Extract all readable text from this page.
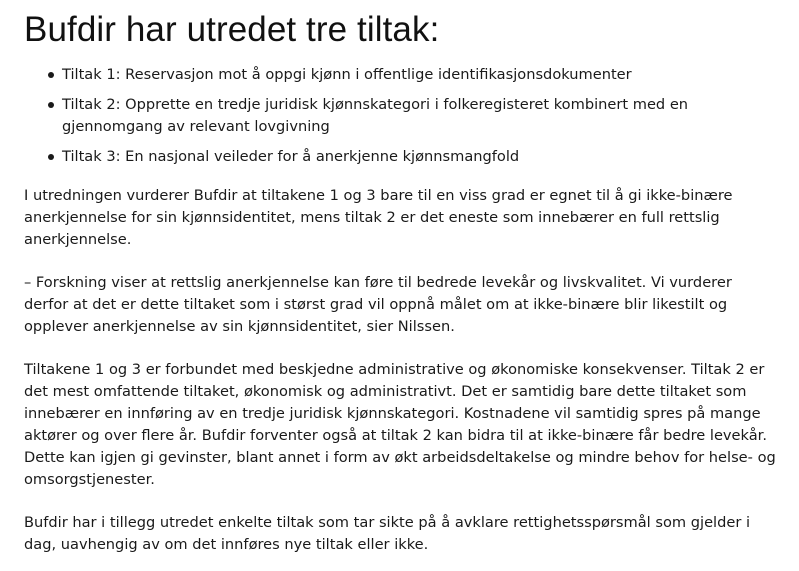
Bufdir har utredet tre tiltak:
Tiltak 1: Reservasjon mot å oppgi kjønn i offentlige identifikasjonsdokumenter
Tiltak 2: Opprette en tredje juridisk kjønnskategori i folkeregisteret kombinert med en gjennomgang av relevant lovgivning
Tiltak 3: En nasjonal veileder for å anerkjenne kjønnsmangfold

I utredningen vurderer Bufdir at tiltakene 1 og 3 bare til en viss grad er egnet til å gi ikke-binære anerkjennelse for sin kjønnsidentitet, mens tiltak 2 er det eneste som innebærer en full rettslig anerkjennelse.

– Forskning viser at rettslig anerkjennelse kan føre til bedrede levekår og livskvalitet. Vi vurderer derfor at det er dette tiltaket som i størst grad vil oppnå målet om at ikke-binære blir likestilt og opplever anerkjennelse av sin kjønnsidentitet, sier Nilssen.

Tiltakene 1 og 3 er forbundet med beskjedne administrative og økonomiske konsekvenser. Tiltak 2 er det mest omfattende tiltaket, økonomisk og administrativt. Det er samtidig bare dette tiltaket som innebærer en innføring av en tredje juridisk kjønnskategori. Kostnadene vil samtidig spres på mange aktører og over flere år. Bufdir forventer også at tiltak 2 kan bidra til at ikke-binære får bedre levekår. Dette kan igjen gi gevinster, blant annet i form av økt arbeidsdeltakelse og mindre behov for helse- og omsorgstjenester.

Bufdir har i tillegg utredet enkelte tiltak som tar sikte på å avklare rettighetsspørsmål som gjelder i dag, uavhengig av om det innføres nye tiltak eller ikke.
